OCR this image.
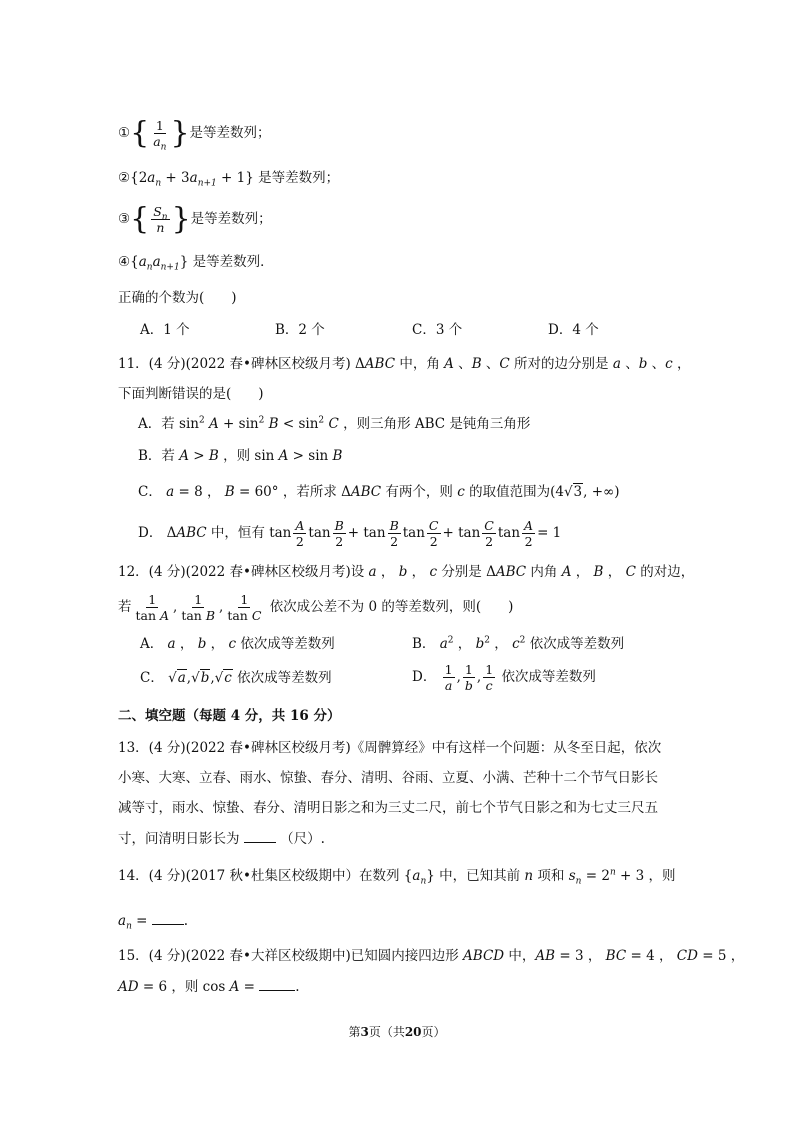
①{ $\frac{1}{a_n}$ }是等差数列；
$②\{2a_n + 3a_{n+1} + 1\}$ 是等差数列；
③{ $\frac{S_n}{n}$ }是等差数列；
$④\{a_na_{n+1}\}$ 是等差数列．
正确的个数为(　　)
A．1 个	B．2 个	C．3 个	D．4 个
11．(4 分)(2022 春•碑林区校级月考) ΔABC 中，角 A 、B 、C 所对的边分别是 a 、b 、c ，
下面判断错误的是(　　)
A．若 $\sin^2 A + \sin^2 B < \sin^2 C$ ，则三角形 ABC 是钝角三角形
B．若 A > B ，则 sin A > sin B
C． a = 8 ， B = 60° ，若所求 ΔABC 有两个，则 c 的取值范围为(4√3, +∞)
D． ΔABC 中，恒有 $\tan \frac{A}{2}$ $\tan \frac{B}{2} + \tan \frac{B}{2}$ $\tan \frac{C}{2} + \tan \frac{C}{2}$ $\tan \frac{A}{2} = 1$
12．(4 分)(2022 春•碑林区校级月考)设 a ， b ， c 分别是 ΔABC 内角 A ， B ， C 的对边，
若 $\frac{1}{\text{tan A}}$ , $\frac{1}{\text{tan B}}$ , $\frac{1}{\text{tan C}}$ 依次成公差不为 0 的等差数列，则(　　)
A． a ， b ， c 依次成等差数列	B． $a^2$ ， $b^2$ ， $c^2$ 依次成等差数列
C． √a,√b,√c 依次成等差数列	D． $\frac{1}{a}$ , $\frac{1}{b}$ , $\frac{1}{c}$ 依次成等差数列
二、填空题（每题 4 分，共 16 分）
13．(4 分)(2022 春•碑林区校级月考)《周髀算经》中有这样一个问题：从冬至日起，依次
小寒、大寒、立春、雨水、惊蛰、春分、清明、谷雨、立夏、小满、芒种十二个节气日影长
减等寸，雨水、惊蛰、春分、清明日影之和为三丈二尺，前七个节气日影之和为七丈三尺五
寸，问清明日影长为	（尺）.
14．(4 分)(2017 秋•杜集区校级期中）在数列 $\{a_n\}$ 中，已知其前 n 项和 $s_n = 2^n + 3$ ，则
$a_n$ = .
15．(4 分)(2022 春•大祥区校级期中)已知圆内接四边形 ABCD 中，AB = 3 ， BC = 4 ， CD = 5 ，
AD = 6 ，则 cos A =	.
第3页（共20页）
